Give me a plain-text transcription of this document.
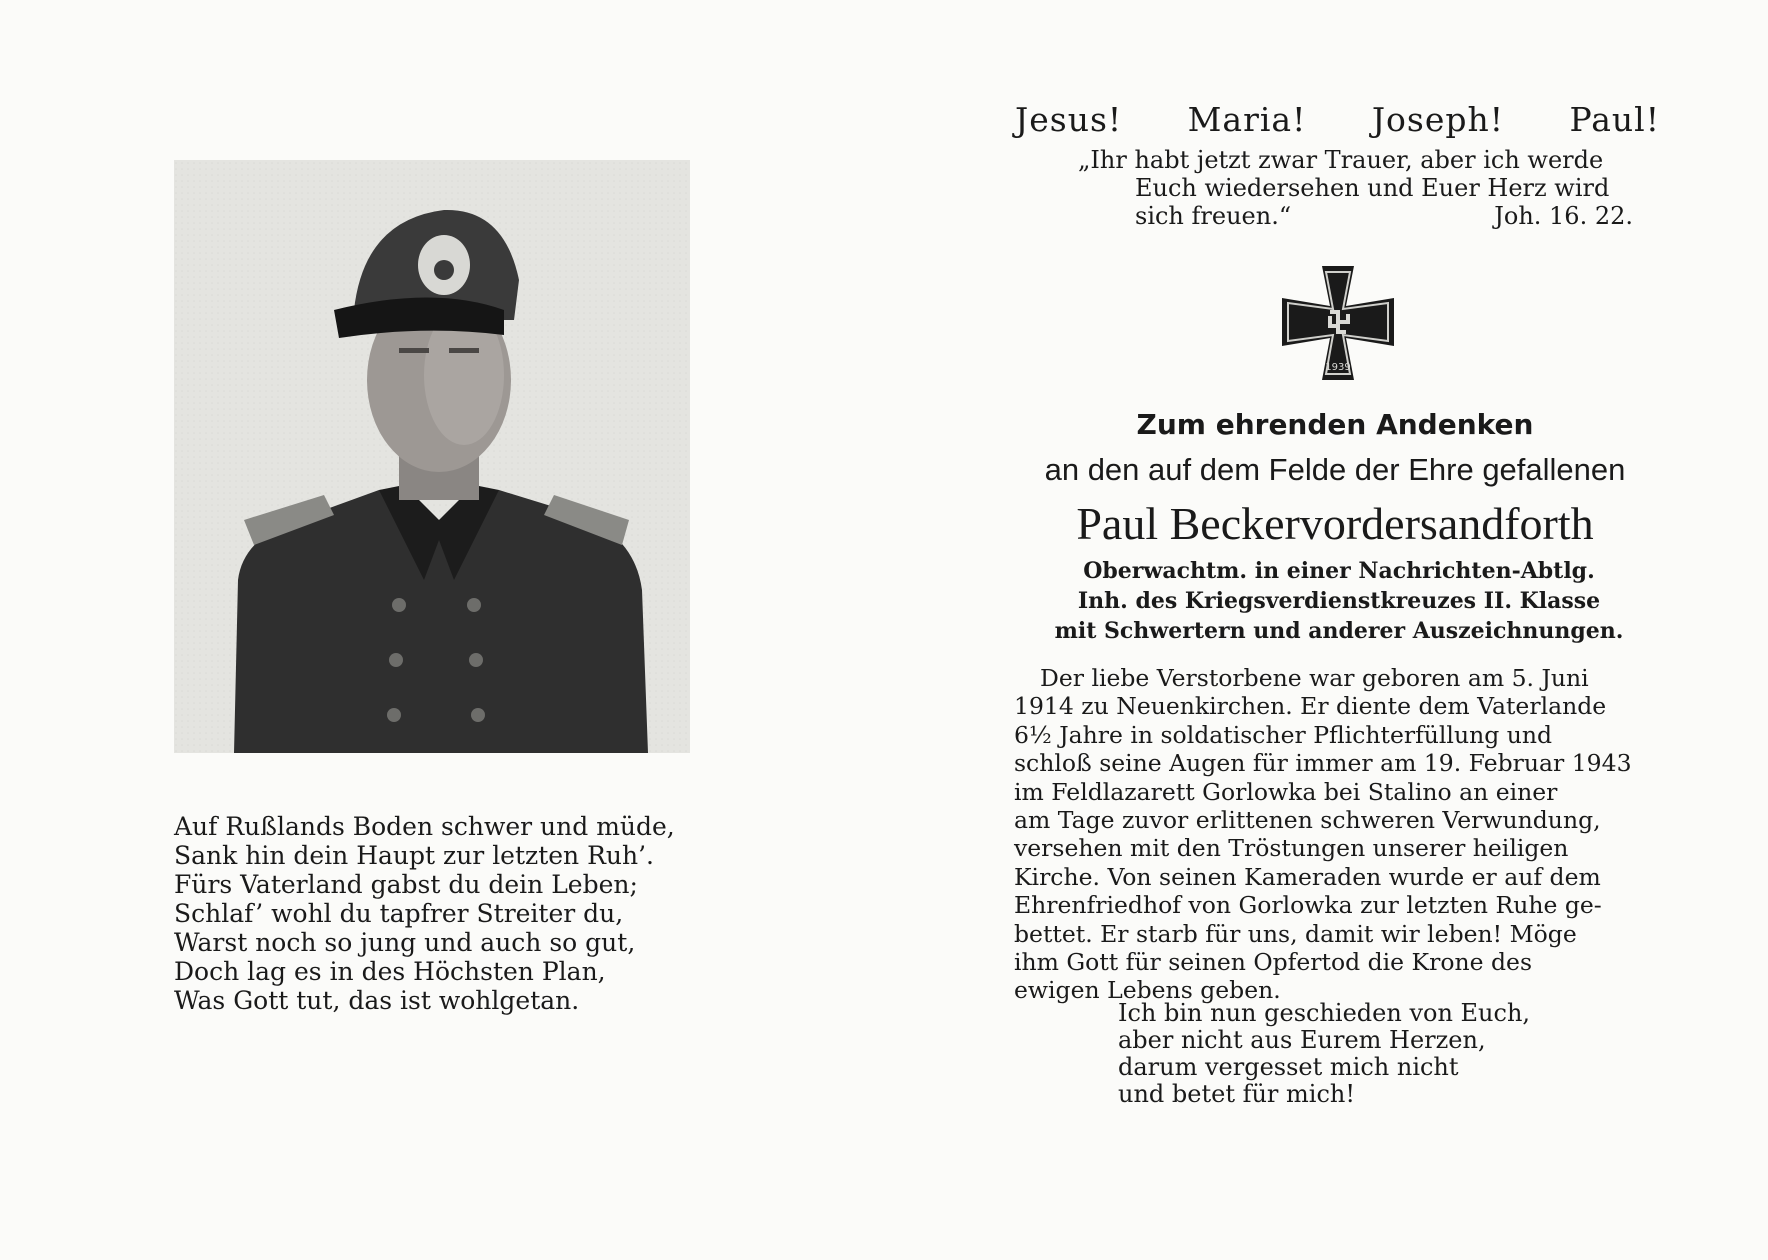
Auf Rußlands Boden schwer und müde,
Sank hin dein Haupt zur letzten Ruh’.
Fürs Vaterland gabst du dein Leben;
Schlaf’ wohl du tapfrer Streiter du,
Warst noch so jung und auch so gut,
Doch lag es in des Höchsten Plan,
Was Gott tut, das ist wohlgetan.
Jesus! Maria! Joseph! Paul!
„Ihr habt jetzt zwar Trauer, aber ich werde
Euch wiedersehen und Euer Herz wird
sich freuen.“	Joh. 16. 22.
1939
Zum ehrenden Andenken
an den auf dem Felde der Ehre gefallenen
Paul Beckervordersandforth
Oberwachtm. in einer Nachrichten-Abtlg.
Inh. des Kriegsverdienstkreuzes II. Klasse
mit Schwertern und anderer Auszeichnungen.
Der liebe Verstorbene war geboren am 5. Juni
1914 zu Neuenkirchen. Er diente dem Vaterlande
6½ Jahre in soldatischer Pflichterfüllung und
schloß seine Augen für immer am 19. Februar 1943
im Feldlazarett Gorlowka bei Stalino an einer
am Tage zuvor erlittenen schweren Verwundung,
versehen mit den Tröstungen unserer heiligen
Kirche. Von seinen Kameraden wurde er auf dem
Ehrenfriedhof von Gorlowka zur letzten Ruhe ge-
bettet. Er starb für uns, damit wir leben! Möge
ihm Gott für seinen Opfertod die Krone des
ewigen Lebens geben.
Ich bin nun geschieden von Euch,
aber nicht aus Eurem Herzen,
darum vergesset mich nicht
und betet für mich!
